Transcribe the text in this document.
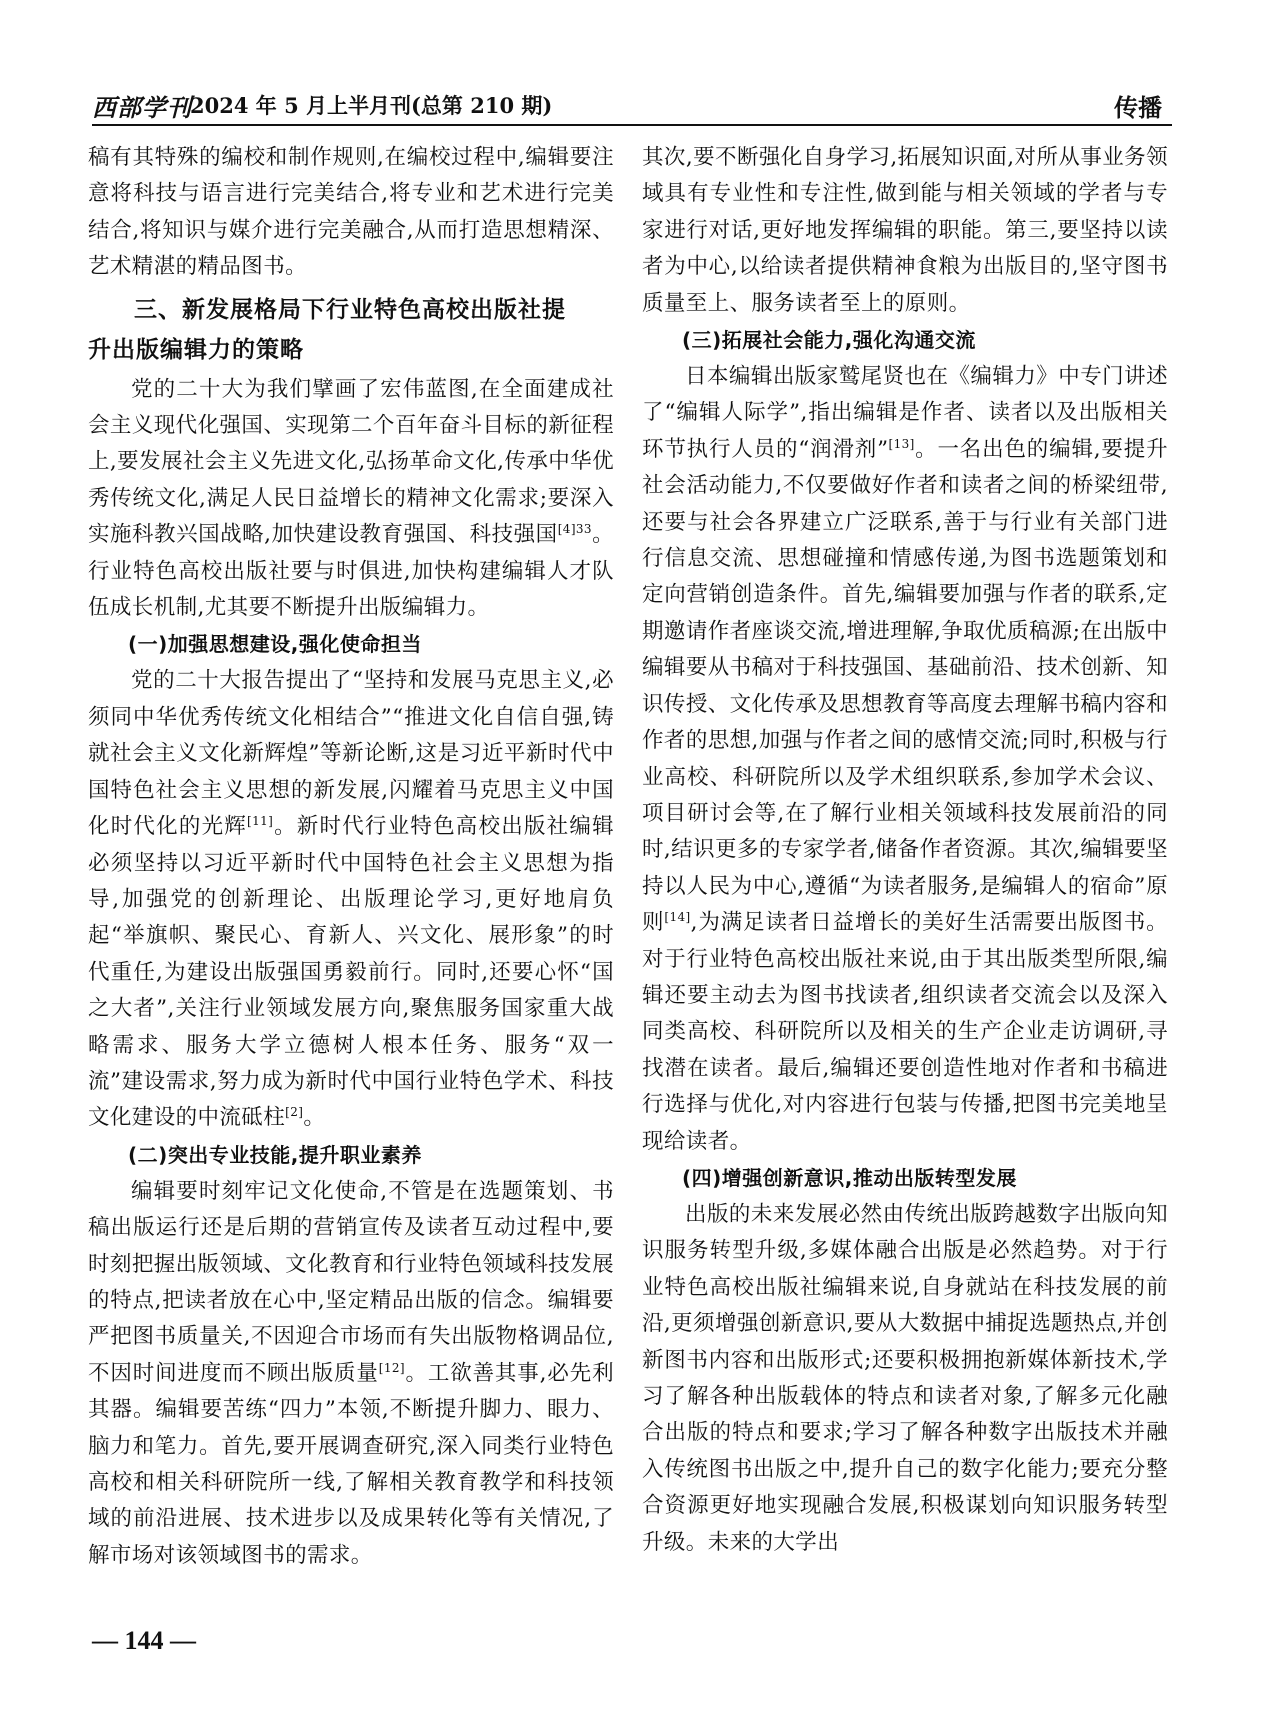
西部学刊
2024 年 5 月上半月刊(总第 210 期)	传播

稿有其特殊的编校和制作规则,在编校过程中,编辑要注意将科技与语言进行完美结合,将专业和艺术进行完美结合,将知识与媒介进行完美融合,从而打造思想精深、艺术精湛的精品图书。

三、新发展格局下行业特色高校出版社提
升出版编辑力的策略

党的二十大为我们擘画了宏伟蓝图,在全面建成社会主义现代化强国、实现第二个百年奋斗目标的新征程上,要发展社会主义先进文化,弘扬革命文化,传承中华优秀传统文化,满足人民日益增长的精神文化需求;要深入实施科教兴国战略,加快建设教育强国、科技强国$^{[4]33}$。行业特色高校出版社要与时俱进,加快构建编辑人才队伍成长机制,尤其要不断提升出版编辑力。

(一)加强思想建设,强化使命担当

党的二十大报告提出了“坚持和发展马克思主义,必须同中华优秀传统文化相结合”“推进文化自信自强,铸就社会主义文化新辉煌”等新论断,这是习近平新时代中国特色社会主义思想的新发展,闪耀着马克思主义中国化时代化的光辉[11]。新时代行业特色高校出版社编辑必须坚持以习近平新时代中国特色社会主义思想为指导,加强党的创新理论、出版理论学习,更好地肩负起“举旗帜、聚民心、育新人、兴文化、展形象”的时代重任,为建设出版强国勇毅前行。同时,还要心怀“国之大者”,关注行业领域发展方向,聚焦服务国家重大战略需求、服务大学立德树人根本任务、服务“双一流”建设需求,努力成为新时代中国行业特色学术、科技文化建设的中流砥柱[2]。

(二)突出专业技能,提升职业素养

编辑要时刻牢记文化使命,不管是在选题策划、书稿出版运行还是后期的营销宣传及读者互动过程中,要时刻把握出版领域、文化教育和行业特色领域科技发展的特点,把读者放在心中,坚定精品出版的信念。编辑要严把图书质量关,不因迎合市场而有失出版物格调品位,不因时间进度而不顾出版质量[12]。工欲善其事,必先利其器。编辑要苦练“四力”本领,不断提升脚力、眼力、脑力和笔力。首先,要开展调查研究,深入同类行业特色高校和相关科研院所一线,了解相关教育教学和科技领域的前沿进展、技术进步以及成果转化等有关情况,了解市场对该领域图书的需求。

其次,要不断强化自身学习,拓展知识面,对所从事业务领域具有专业性和专注性,做到能与相关领域的学者与专家进行对话,更好地发挥编辑的职能。第三,要坚持以读者为中心,以给读者提供精神食粮为出版目的,坚守图书质量至上、服务读者至上的原则。

(三)拓展社会能力,强化沟通交流

日本编辑出版家鹫尾贤也在《编辑力》中专门讲述了“编辑人际学”,指出编辑是作者、读者以及出版相关环节执行人员的“润滑剂”[13]。一名出色的编辑,要提升社会活动能力,不仅要做好作者和读者之间的桥梁纽带,还要与社会各界建立广泛联系,善于与行业有关部门进行信息交流、思想碰撞和情感传递,为图书选题策划和定向营销创造条件。首先,编辑要加强与作者的联系,定期邀请作者座谈交流,增进理解,争取优质稿源;在出版中编辑要从书稿对于科技强国、基础前沿、技术创新、知识传授、文化传承及思想教育等高度去理解书稿内容和作者的思想,加强与作者之间的感情交流;同时,积极与行业高校、科研院所以及学术组织联系,参加学术会议、项目研讨会等,在了解行业相关领域科技发展前沿的同时,结识更多的专家学者,储备作者资源。其次,编辑要坚持以人民为中心,遵循“为读者服务,是编辑人的宿命”原则[14],为满足读者日益增长的美好生活需要出版图书。对于行业特色高校出版社来说,由于其出版类型所限,编辑还要主动去为图书找读者,组织读者交流会以及深入同类高校、科研院所以及相关的生产企业走访调研,寻找潜在读者。最后,编辑还要创造性地对作者和书稿进行选择与优化,对内容进行包装与传播,把图书完美地呈现给读者。

(四)增强创新意识,推动出版转型发展

出版的未来发展必然由传统出版跨越数字出版向知识服务转型升级,多媒体融合出版是必然趋势。对于行业特色高校出版社编辑来说,自身就站在科技发展的前沿,更须增强创新意识,要从大数据中捕捉选题热点,并创新图书内容和出版形式;还要积极拥抱新媒体新技术,学习了解各种出版载体的特点和读者对象,了解多元化融合出版的特点和要求;学习了解各种数字出版技术并融入传统图书出版之中,提升自己的数字化能力;要充分整合资源更好地实现融合发展,积极谋划向知识服务转型升级。未来的大学出

— 144 —
